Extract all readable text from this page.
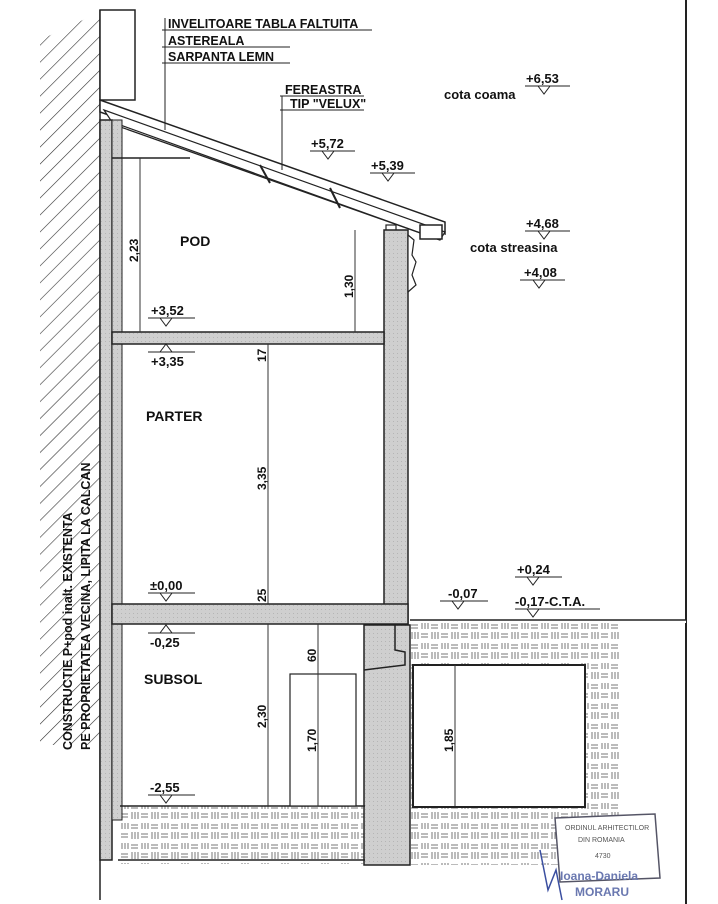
INVELITOARE TABLA FALTUITA
ASTEREALA
SARPANTA LEMN
FEREASTRA
TIP "VELUX"
CONSTRUCTIE P+pod inalt. EXISTENTA PE PROPRIETATEA VECINA, LIPITA LA CALCAN
POD
PARTER
SUBSOL
+6,53
cota coama
+5,72
+5,39
+4,68
cota streasina
+4,08
+3,52
+3,35
±0,00
-0,25
-2,55
-0,07
+0,24
-0,17-C.T.A.
2,23
1,30
17
3,35
25
2,30
60
1,70	1,85
ORDINUL ARHITECTILOR
DIN ROMANIA
4730
Ioana-Daniela
MORARU
